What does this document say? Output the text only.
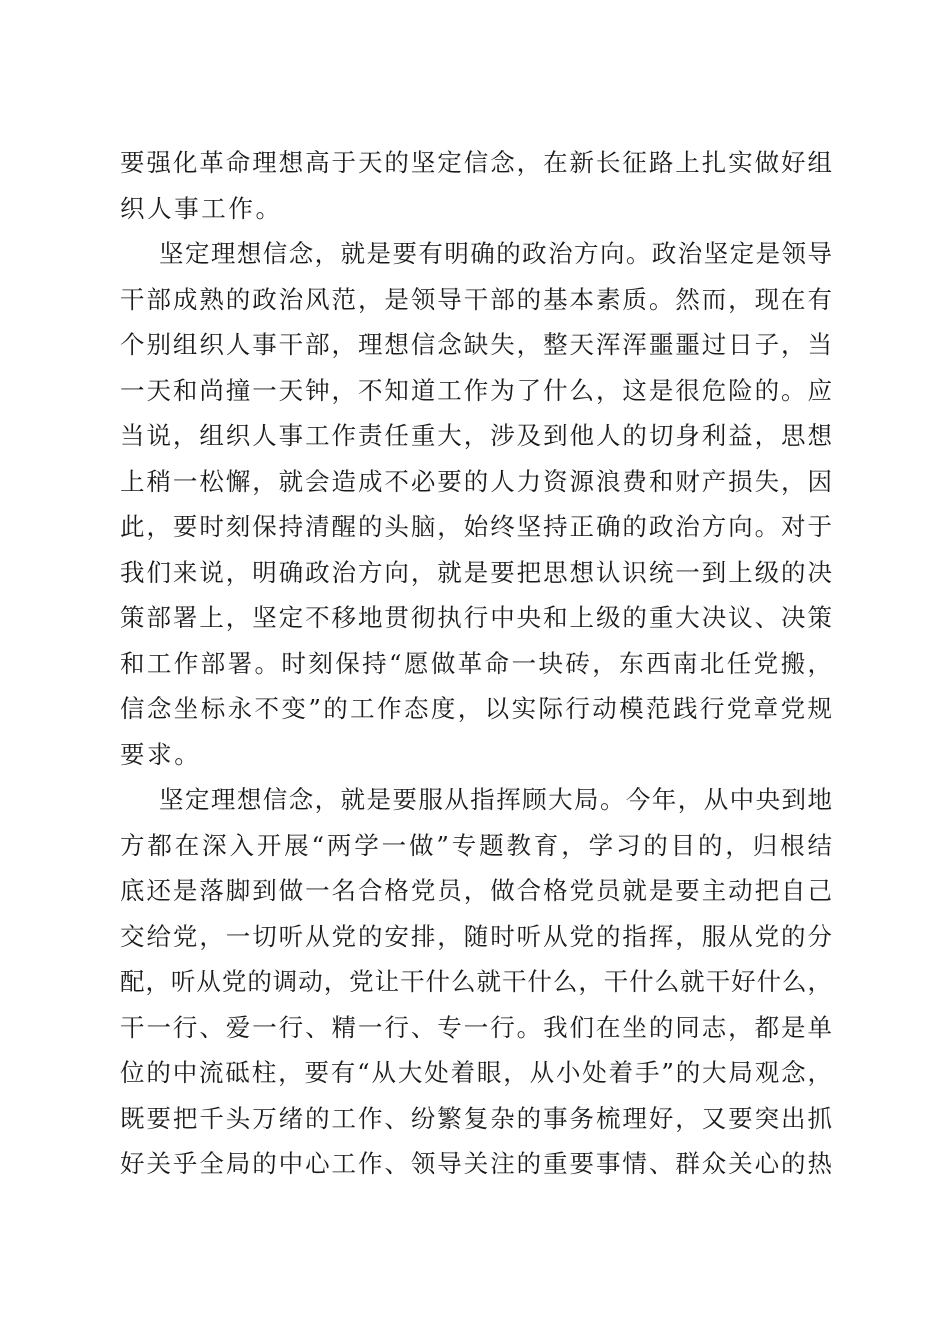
要强化革命理想高于天的坚定信念，在新长征路上扎实做好组
织人事工作。
坚定理想信念，就是要有明确的政治方向。政治坚定是领导
干部成熟的政治风范，是领导干部的基本素质。然而，现在有
个别组织人事干部，理想信念缺失，整天浑浑噩噩过日子，当
一天和尚撞一天钟，不知道工作为了什么，这是很危险的。应
当说，组织人事工作责任重大，涉及到他人的切身利益，思想
上稍一松懈，就会造成不必要的人力资源浪费和财产损失，因
此，要时刻保持清醒的头脑，始终坚持正确的政治方向。对于
我们来说，明确政治方向，就是要把思想认识统一到上级的决
策部署上，坚定不移地贯彻执行中央和上级的重大决议、决策
和工作部署。时刻保持“愿做革命一块砖，东西南北任党搬，
信念坐标永不变”的工作态度，以实际行动模范践行党章党规
要求。
坚定理想信念，就是要服从指挥顾大局。今年，从中央到地
方都在深入开展“两学一做”专题教育，学习的目的，归根结
底还是落脚到做一名合格党员，做合格党员就是要主动把自己
交给党，一切听从党的安排，随时听从党的指挥，服从党的分
配，听从党的调动，党让干什么就干什么，干什么就干好什么，
干一行、爱一行、精一行、专一行。我们在坐的同志，都是单
位的中流砥柱，要有“从大处着眼，从小处着手”的大局观念，
既要把千头万绪的工作、纷繁复杂的事务梳理好，又要突出抓
好关乎全局的中心工作、领导关注的重要事情、群众关心的热
